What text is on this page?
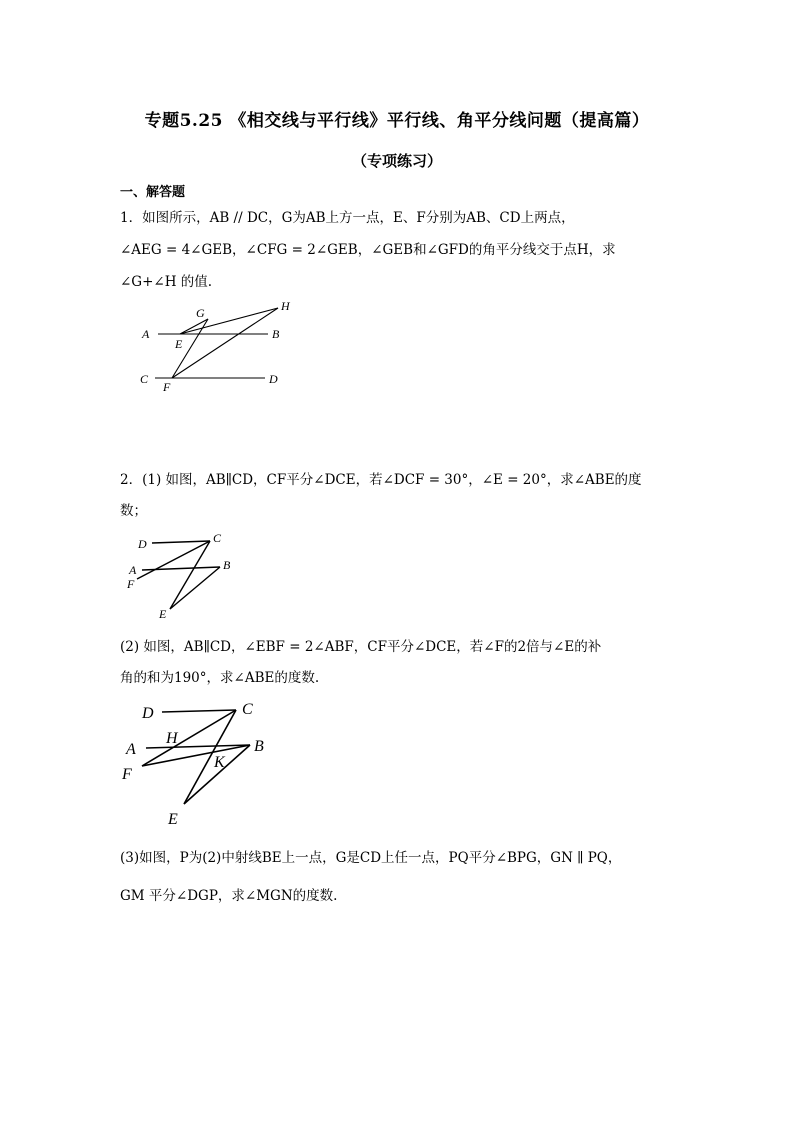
专题5.25 《相交线与平行线》平行线、角平分线问题（提高篇）
（专项练习）
一、解答题
1．如图所示，AB // DC，G为AB上方一点，E、F分别为AB、CD上两点，
∠AEG = 4∠GEB，∠CFG = 2∠GEB，∠GEB和∠GFD的角平分线交于点H，求
∠G+∠H 的值.
G	H
A
E
B
C
F
D
2．(1) 如图，AB∥CD，CF平分∠DCE，若∠DCF = 30°，∠E = 20°，求∠ABE的度
数；
D	C
A	B
F
E
(2) 如图，AB∥CD，∠EBF = 2∠ABF，CF平分∠DCE，若∠F的2倍与∠E的补
角的和为190°，求∠ABE的度数.
D	C
H
A	B
F
K
E
(3)如图，P为(2)中射线BE上一点，G是CD上任一点，PQ平分∠BPG，GN ∥ PQ，
GM 平分∠DGP，求∠MGN的度数.
